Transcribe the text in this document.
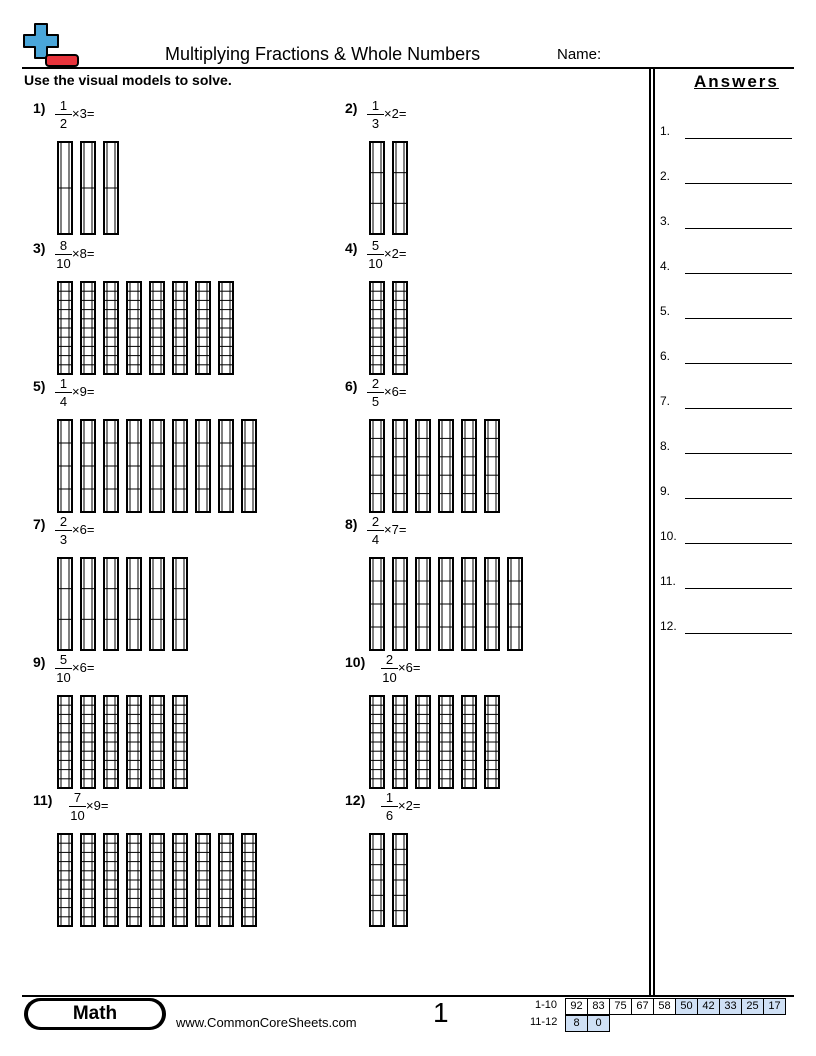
Multiplying Fractions & Whole Numbers	Name:
Use the visual models to solve.	Answers
1.
2.
3.
4.
5.
6.
7.
8.
9.
10.
11.
12.
1)	1
2
×3=	2)	1
3
×2=
3)	8
10
×8=	4)	5
10
×2=
5)	1
4
×9=	6)	2
5
×6=
7)	2
3
×6=	8)	2
4
×7=
9)	5
10
×6=	10)	2
10
×6=
11)	7
10
×9=	12)	1
6
×2=
Math	www.CommonCoreSheets.com	1	1-10 92	83	75	67	58	50	42	33	25	17
11-12 8	0
